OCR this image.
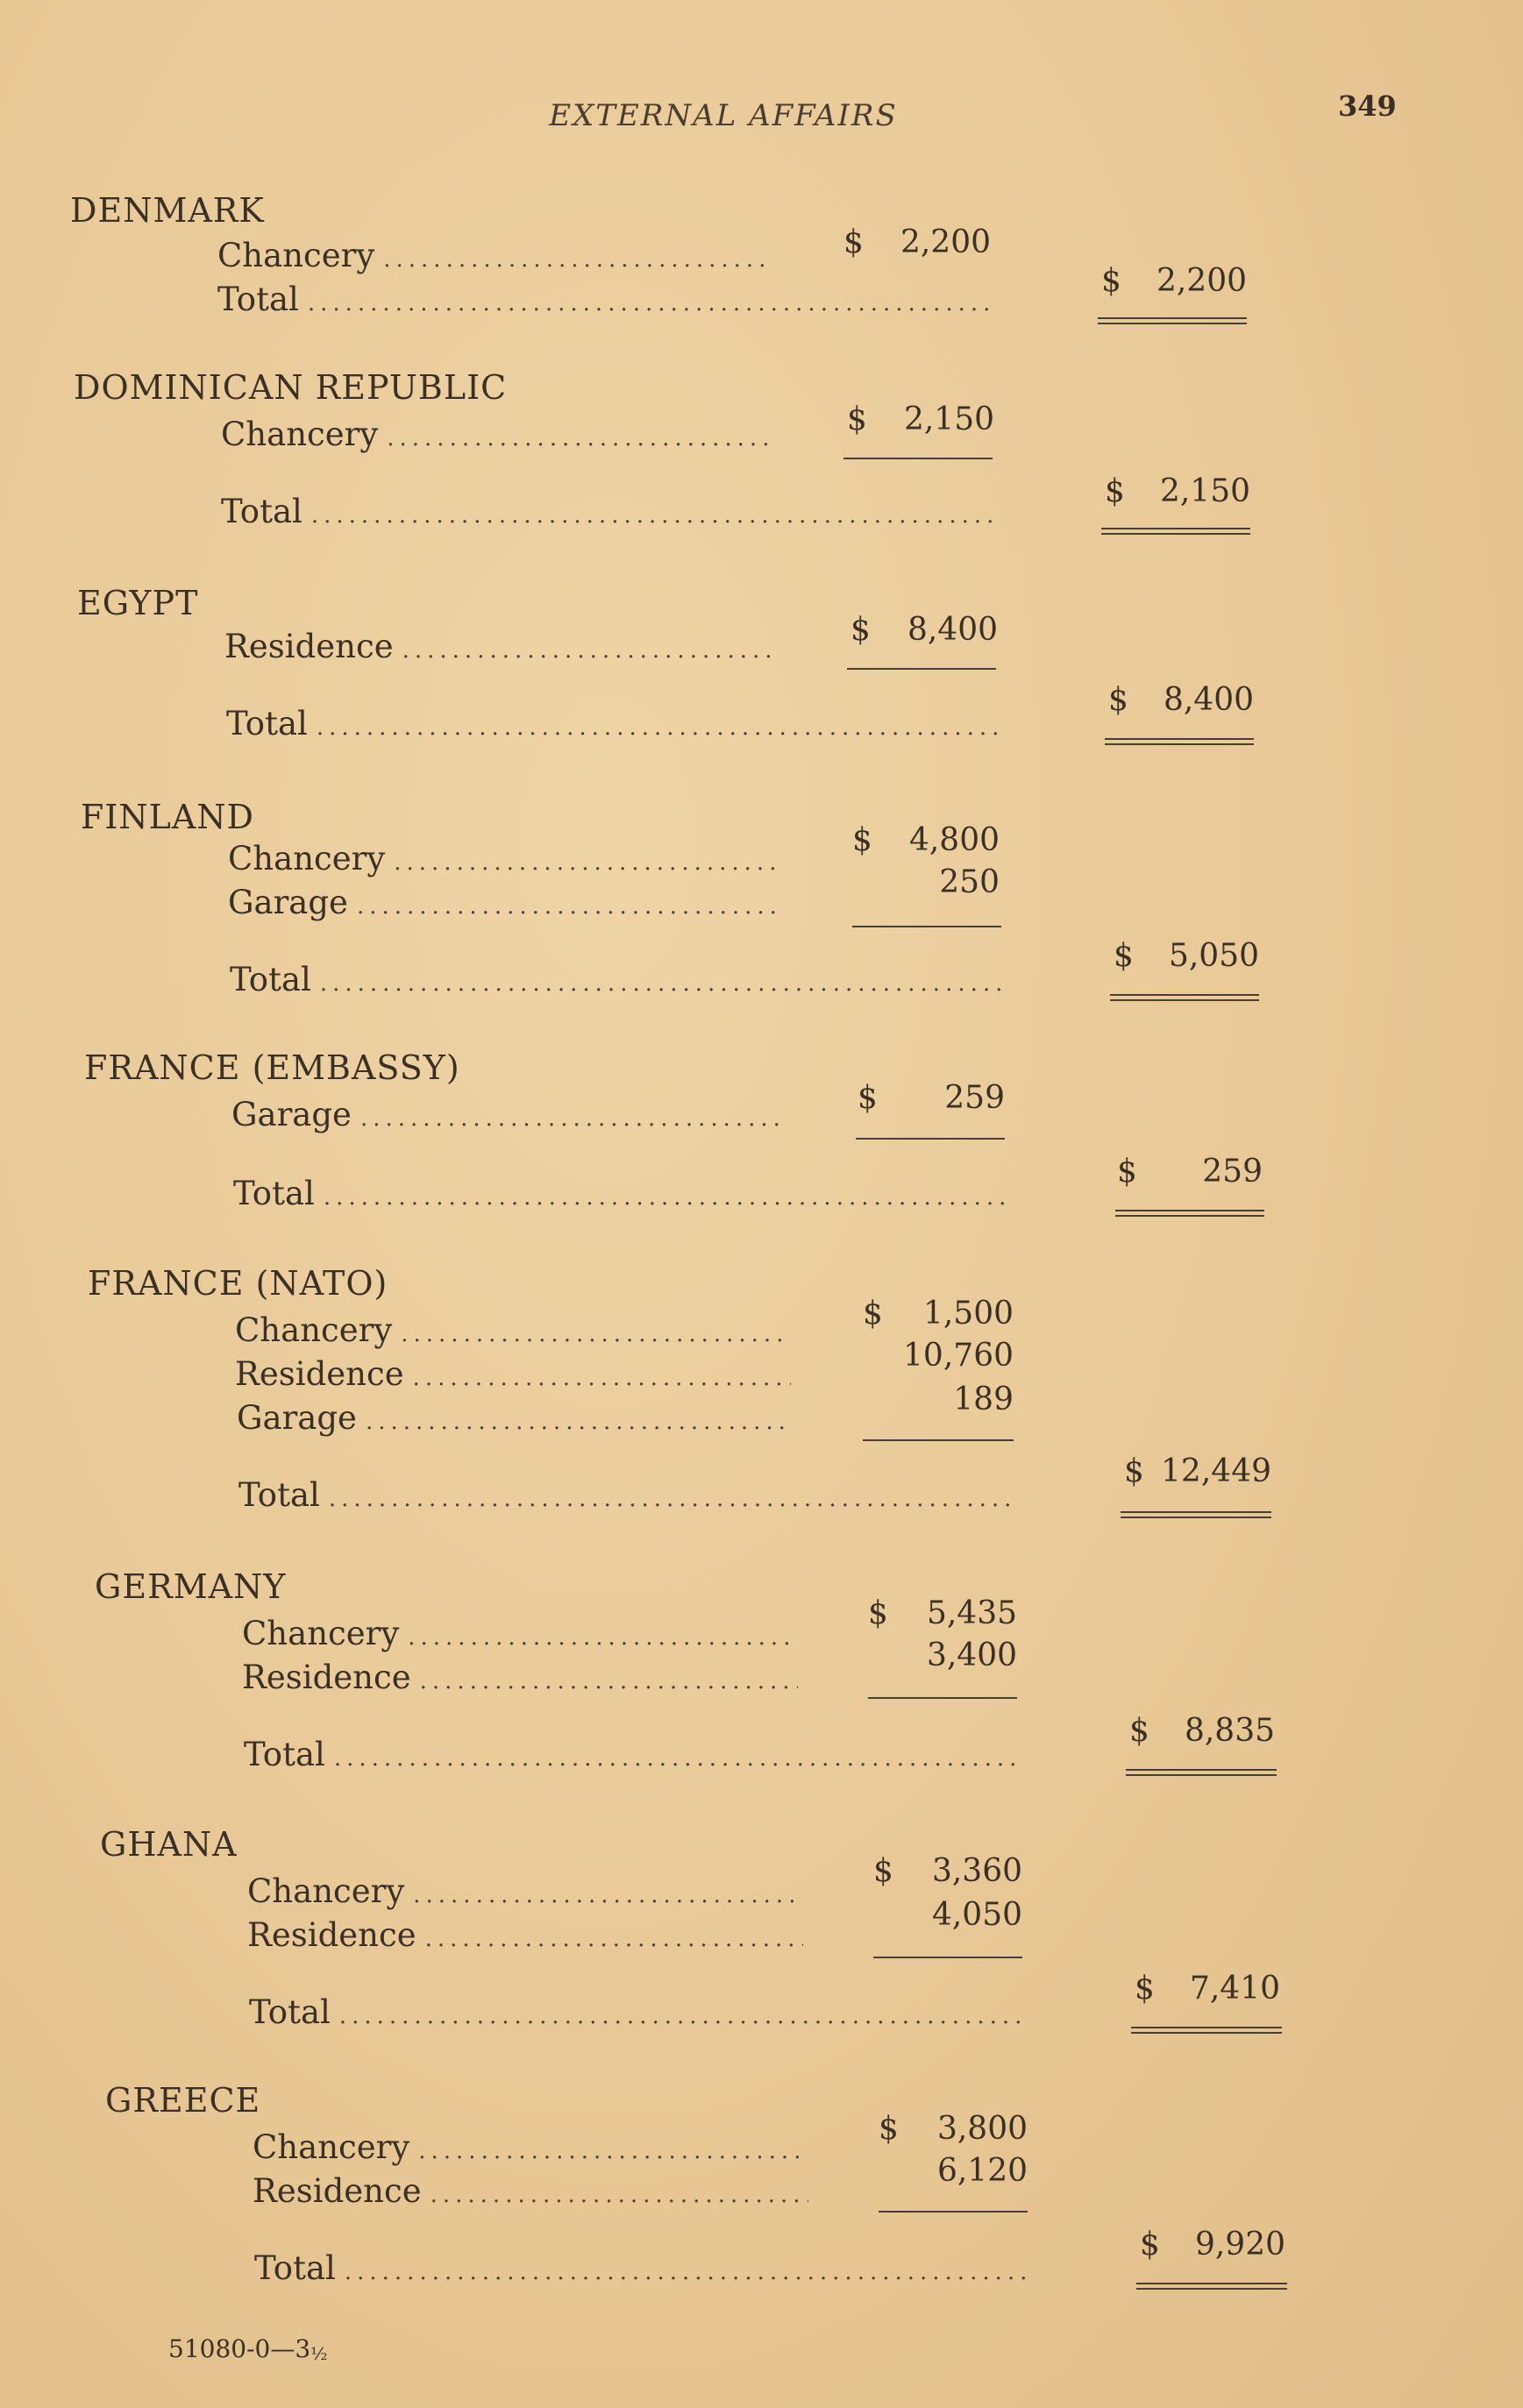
EXTERNAL AFFAIRS	349
DENMARK
Chancery
.....	$ 2,200
Total
.....	$ 2,200
DOMINICAN REPUBLIC
Chancery
.....	$ 2,150
Total
.....
$ 2,150
EGYPT
Residence
.....	$ 8,400
Total
.....
$ 8,400
FINLAND
Chancery
.....	$ 4,800
Garage
.....
250
Total
.....
$ 5,050
FRANCE (EMBASSY)
Garage
.....	$ 259
Total
.....
$ 259
FRANCE (NATO)
Chancery
.....	$ 1,500
Residence
.....	10,760
Garage
.....	189
Total
.....
$ 12,449
GERMANY
Chancery
.....
$ 5,435
Residence
.....
3,400
Total
.....
$ 8,835
GHANA
Chancery
.....
$ 3,360
Residence
.....
4,050
Total
.....
$ 7,410
GREECE
Chancery
.....	$ 3,800
Residence
.....
6,120
Total
.....
$ 9,920
51080-0—3½
